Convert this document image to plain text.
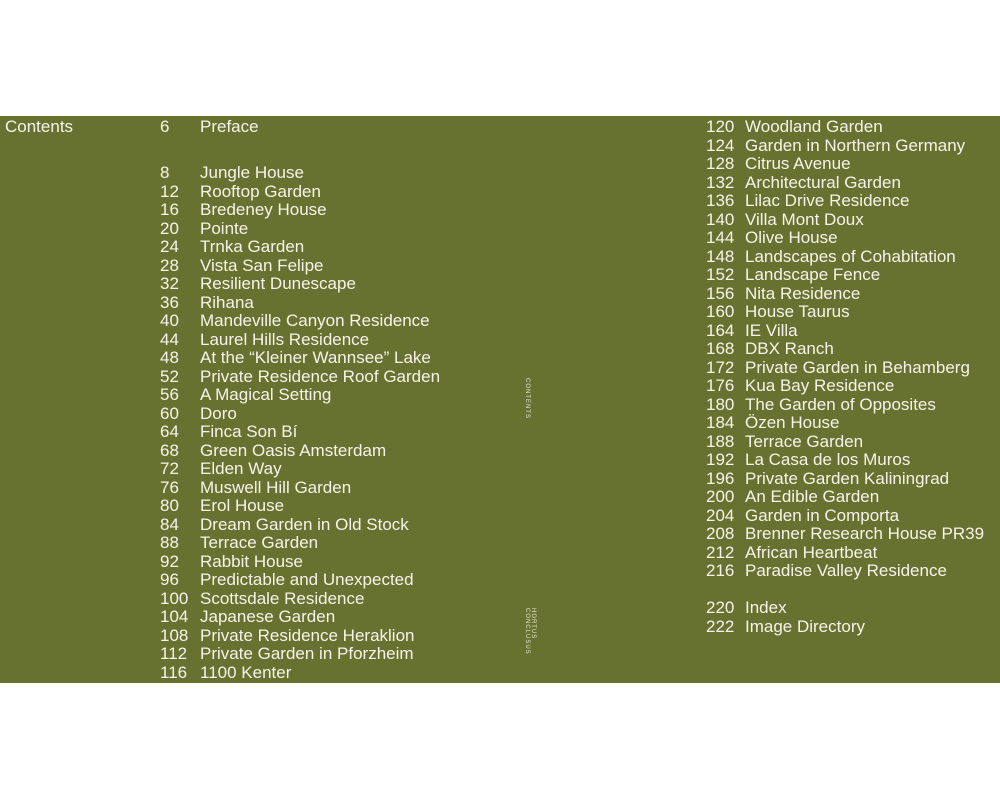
Contents	6	Preface
8	Jungle House
12	Rooftop Garden
16	Bredeney House
20	Pointe
24	Trnka Garden
28	Vista San Felipe
32	Resilient Dunescape
36	Rihana
40	Mandeville Canyon Residence
44	Laurel Hills Residence
48	At the “Kleiner Wannsee” Lake
52	Private Residence Roof Garden
56	A Magical Setting
60	Doro
64	Finca Son Bí
68	Green Oasis Amsterdam
72	Elden Way
76	Muswell Hill Garden
80	Erol House
84	Dream Garden in Old Stock
88	Terrace Garden
92	Rabbit House
96	Predictable and Unexpected
100 Scottsdale Residence
104 Japanese Garden
108 Private Residence Heraklion
112 Private Garden in Pforzheim
116 1100 Kenter
CONTENTS
HORTUS CONCLUSUS
120 Woodland Garden
124 Garden in Northern Germany
128 Citrus Avenue
132 Architectural Garden
136 Lilac Drive Residence
140 Villa Mont Doux
144 Olive House
148 Landscapes of Cohabitation
152 Landscape Fence
156 Nita Residence
160 House Taurus
164 IE Villa
168 DBX Ranch
172 Private Garden in Behamberg
176 Kua Bay Residence
180 The Garden of Opposites
184 Özen House
188 Terrace Garden
192 La Casa de los Muros
196 Private Garden Kaliningrad
200 An Edible Garden
204 Garden in Comporta
208 Brenner Research House PR39
212 African Heartbeat
216 Paradise Valley Residence
220 Index
222 Image Directory
